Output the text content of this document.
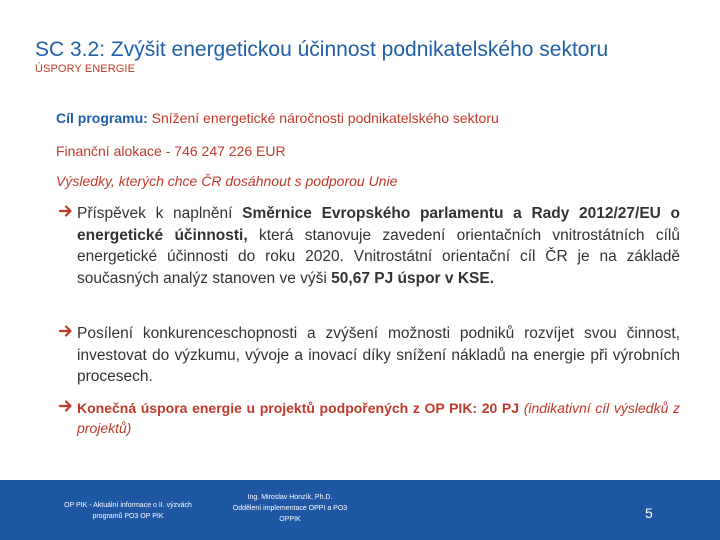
SC 3.2: Zvýšit energetickou účinnost podnikatelského sektoru
ÚSPORY ENERGIE
Cíl programu: Snížení energetické náročnosti podnikatelského sektoru
Finanční alokace - 746 247 226 EUR
Výsledky, kterých chce ČR dosáhnout s podporou Unie
Příspěvek k naplnění Směrnice Evropského parlamentu a Rady 2012/27/EU o energetické účinnosti, která stanovuje zavedení orientačních vnitrostátních cílů energetické účinnosti do roku 2020. Vnitrostátní orientační cíl ČR je na základě současných analýz stanoven ve výši 50,67 PJ úspor v KSE.
Posílení konkurenceschopnosti a zvýšení možnosti podniků rozvíjet svou činnost, investovat do výzkumu, vývoje a inovací díky snížení nákladů na energie při výrobních procesech.
Konečná úspora energie u projektů podpořených z OP PIK: 20 PJ (indikativní cíl výsledků z projektů)
OP PIK - Aktuální informace o II. výzvách
programů PO3 OP PIK
Ing. Miroslav Honzík, Ph.D.
Oddělení implementace OPPI a PO3
OPPIK	5
